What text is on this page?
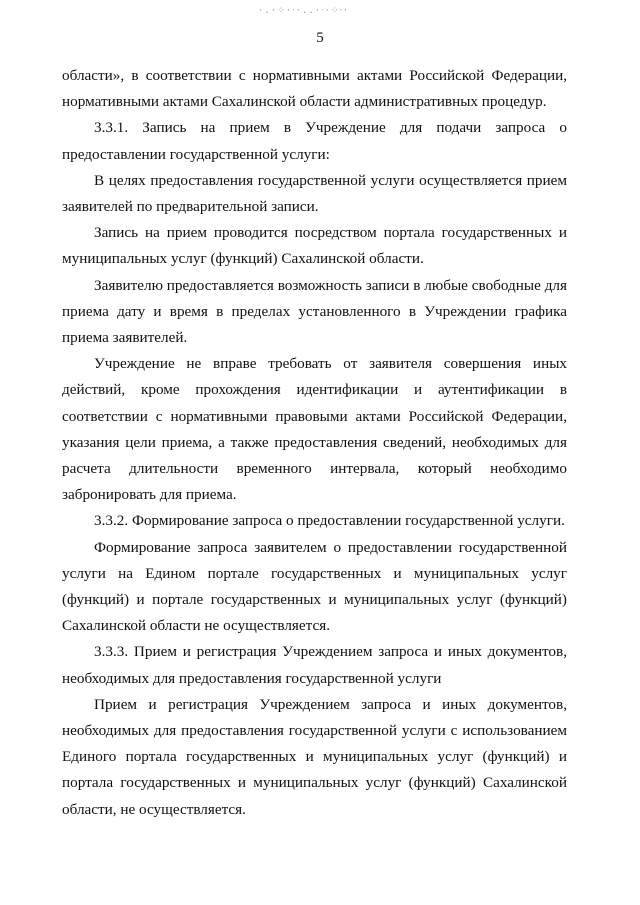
·.·⁘·ᐧ·..·ᐧ·⁘ᐧ·
5
области», в соответствии с нормативными актами Российской Федерации,
нормативными актами Сахалинской области административных процедур.
3.3.1. Запись на прием в Учреждение для подачи запроса о
предоставлении государственной услуги:
В целях предоставления государственной услуги осуществляется прием
заявителей по предварительной записи.
Запись на прием проводится посредством портала государственных и
муниципальных услуг (функций) Сахалинской области.
Заявителю предоставляется возможность записи в любые свободные для
приема дату и время в пределах установленного в Учреждении графика
приема заявителей.
Учреждение не вправе требовать от заявителя совершения иных
действий, кроме прохождения идентификации и аутентификации в
соответствии с нормативными правовыми актами Российской Федерации,
указания цели приема, а также предоставления сведений, необходимых для
расчета длительности временного интервала, который необходимо
забронировать для приема.
3.3.2. Формирование запроса о предоставлении государственной услуги.
Формирование запроса заявителем о предоставлении государственной
услуги на Едином портале государственных и муниципальных услуг
(функций) и портале государственных и муниципальных услуг (функций)
Сахалинской области не осуществляется.
3.3.3. Прием и регистрация Учреждением запроса и иных документов,
необходимых для предоставления государственной услуги
Прием и регистрация Учреждением запроса и иных документов,
необходимых для предоставления государственной услуги с использованием
Единого портала государственных и муниципальных услуг (функций) и
портала государственных и муниципальных услуг (функций) Сахалинской
области, не осуществляется.
